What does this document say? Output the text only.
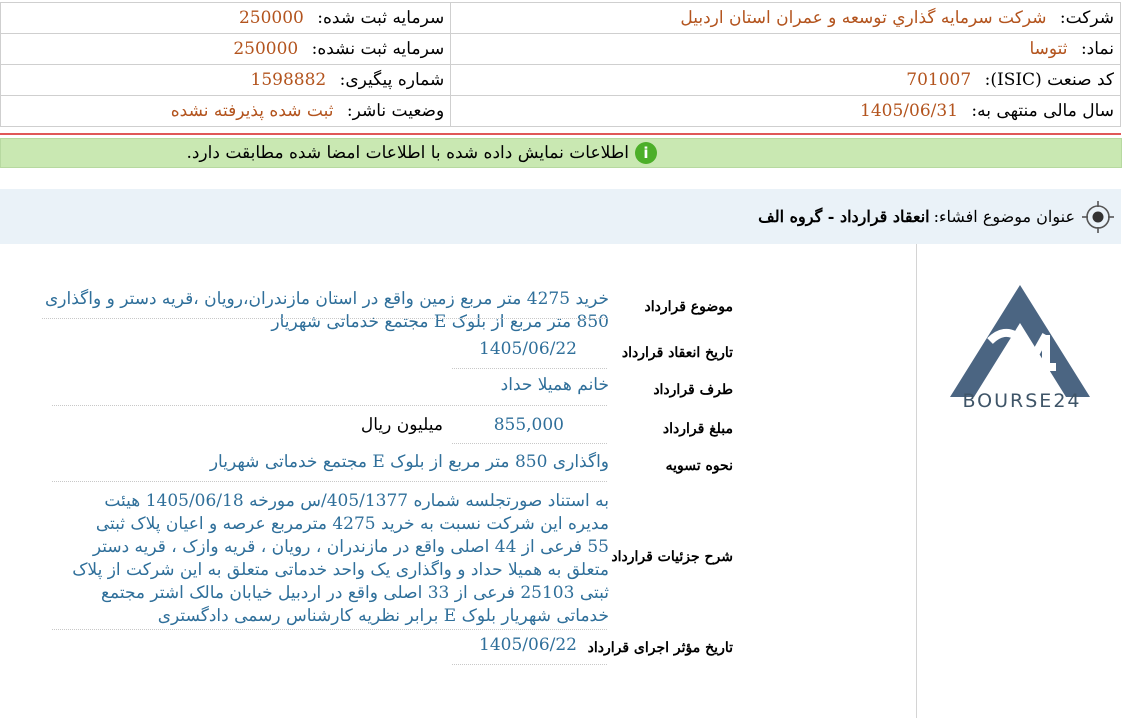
شرکت: شرکت سرمايه گذاري توسعه و عمران استان اردبيل	سرمایه ثبت شده: 250000
نماد: ثتوسا	سرمایه ثبت نشده: 250000
کد صنعت (ISIC): 701007	شماره پیگیری: 1598882
سال مالی منتهی به: 1405/06/31	وضعیت ناشر: ثبت شده پذیرفته نشده
i
اطلاعات نمایش داده شده با اطلاعات امضا شده مطابقت دارد.
عنوان موضوع افشاء:
انعقاد قرارداد - گروه الف
BOURSE24
موضوع قرارداد
خرید 4275 متر مربع زمین واقع در استان مازندران،رویان ،قریه دستر و واگذاری 850 متر مربع از بلوک E مجتمع خدماتی شهریار
تاریخ انعقاد قرارداد
1405/06/22
طرف قرارداد
خانم همیلا حداد
مبلغ قرارداد
855,000
میلیون ریال
نحوه تسویه
واگذاری 850 متر مربع از بلوک E مجتمع خدماتی شهریار
شرح جزئیات قرارداد
به استناد صورتجلسه شماره 405/1377/س مورخه 1405/06/18 هیئت مدیره این شرکت نسبت به خرید 4275 مترمربع عرصه و اعیان پلاک ثبتی 55 فرعی از 44 اصلی واقع در مازندران ، رویان ، قریه وازک ، قریه دستر متعلق به همیلا حداد و واگذاری یک واحد خدماتی متعلق به این شرکت از پلاک ثبتی 25103 فرعی از 33 اصلی واقع در اردبیل خیابان مالک اشتر مجتمع خدماتی شهریار بلوک E برابر نظریه کارشناس رسمی دادگستری
تاریخ مؤثر اجرای قرارداد
1405/06/22
